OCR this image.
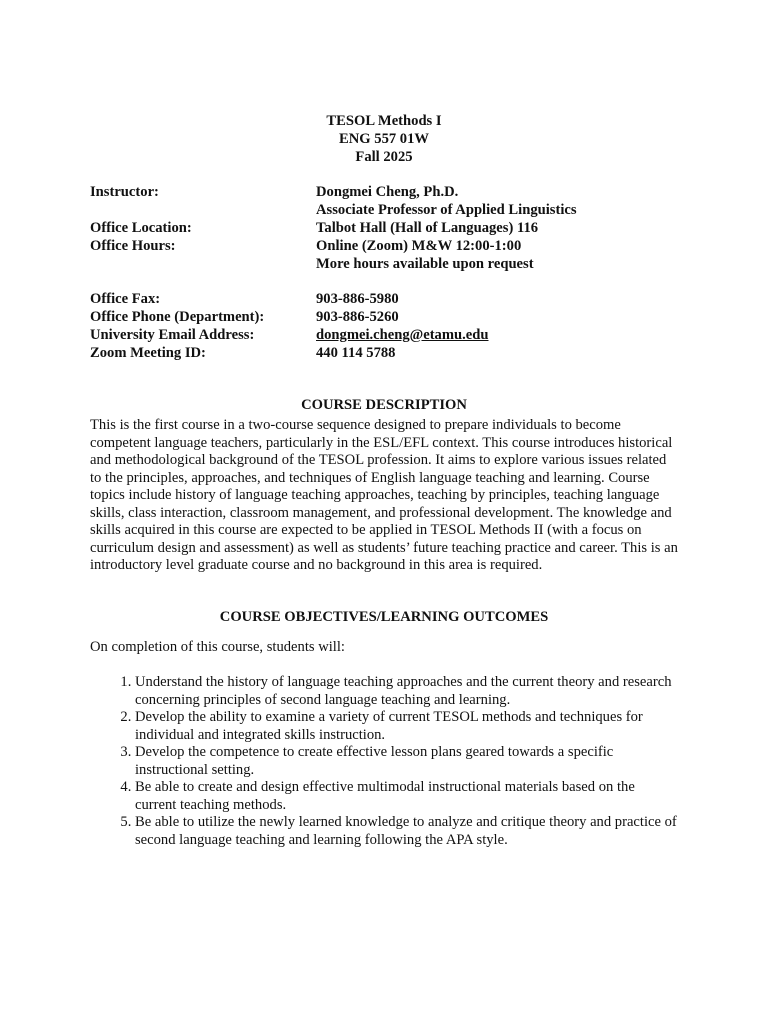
TESOL Methods I
ENG 557 01W
Fall 2025
Instructor:	Dongmei Cheng, Ph.D.
Associate Professor of Applied Linguistics
Office Location:	Talbot Hall (Hall of Languages) 116
Office Hours:	Online (Zoom) M&W 12:00-1:00
More hours available upon request
Office Fax:	903-886-5980
Office Phone (Department):	903-886-5260
University Email Address:	dongmei.cheng@etamu.edu
Zoom Meeting ID:	440 114 5788
COURSE DESCRIPTION
This is the first course in a two-course sequence designed to prepare individuals to become competent language teachers, particularly in the ESL/EFL context. This course introduces historical and methodological background of the TESOL profession. It aims to explore various issues related to the principles, approaches, and techniques of English language teaching and learning. Course topics include history of language teaching approaches, teaching by principles, teaching language skills, class interaction, classroom management, and professional development. The knowledge and skills acquired in this course are expected to be applied in TESOL Methods II (with a focus on curriculum design and assessment) as well as students’ future teaching practice and career. This is an introductory level graduate course and no background in this area is required.
COURSE OBJECTIVES/LEARNING OUTCOMES
On completion of this course, students will:
1. Understand the history of language teaching approaches and the current theory and research concerning principles of second language teaching and learning.
2. Develop the ability to examine a variety of current TESOL methods and techniques for individual and integrated skills instruction.
3. Develop the competence to create effective lesson plans geared towards a specific instructional setting.
4. Be able to create and design effective multimodal instructional materials based on the current teaching methods.
5. Be able to utilize the newly learned knowledge to analyze and critique theory and practice of second language teaching and learning following the APA style.
